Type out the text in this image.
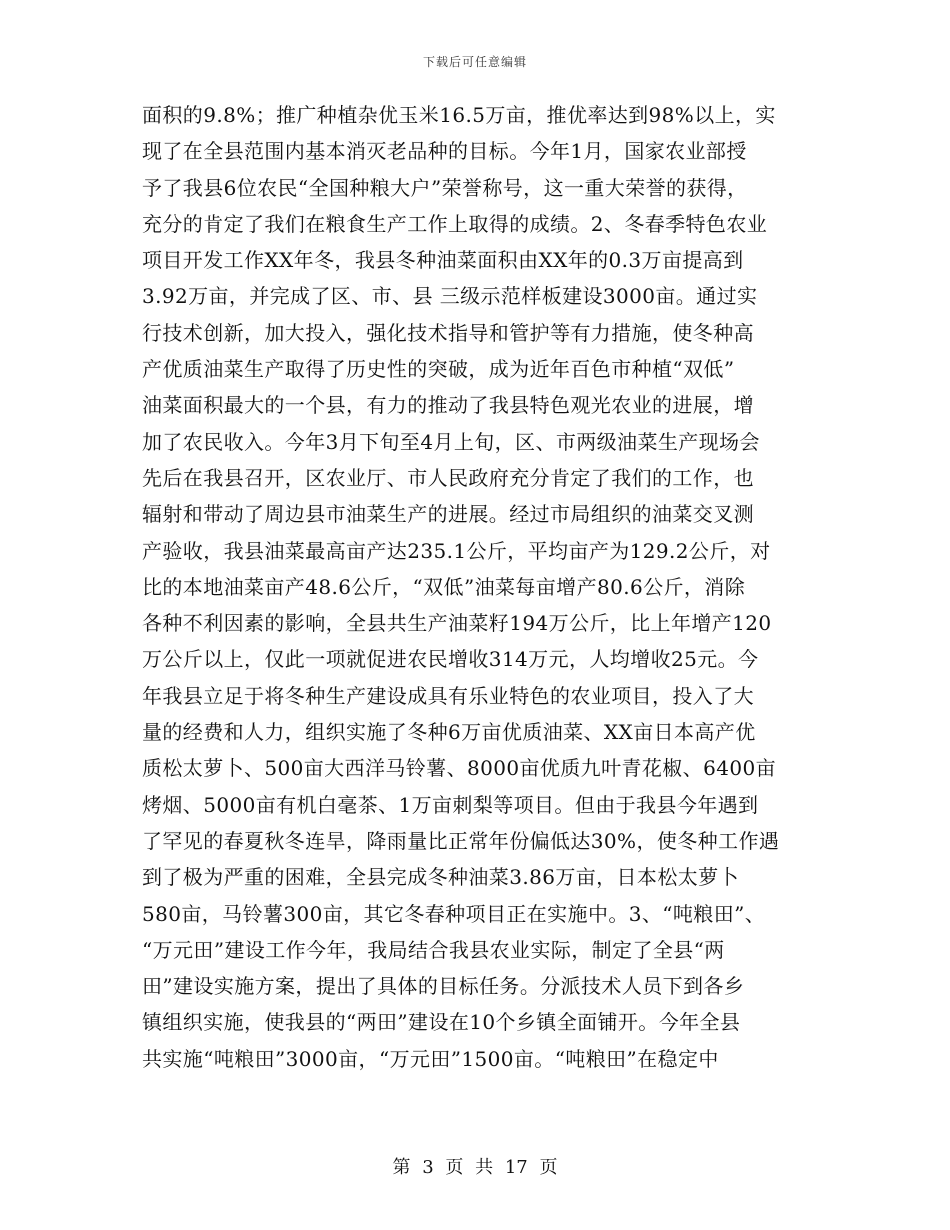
下载后可任意编辑
面积的9.8%；推广种植杂优玉米16.5万亩，推优率达到98%以上，实
现了在全县范围内基本消灭老品种的目标。今年1月，国家农业部授
予了我县6位农民“全国种粮大户”荣誉称号，这一重大荣誉的获得，
充分的肯定了我们在粮食生产工作上取得的成绩。2、冬春季特色农业
项目开发工作XX年冬，我县冬种油菜面积由XX年的0.3万亩提高到
3.92万亩，并完成了区、市、县 三级示范样板建设3000亩。通过实
行技术创新，加大投入，强化技术指导和管护等有力措施，使冬种高
产优质油菜生产取得了历史性的突破，成为近年百色市种植“双低”
油菜面积最大的一个县，有力的推动了我县特色观光农业的进展，增
加了农民收入。今年3月下旬至4月上旬，区、市两级油菜生产现场会
先后在我县召开，区农业厅、市人民政府充分肯定了我们的工作，也
辐射和带动了周边县市油菜生产的进展。经过市局组织的油菜交叉测
产验收，我县油菜最高亩产达235.1公斤，平均亩产为129.2公斤，对
比的本地油菜亩产48.6公斤，“双低”油菜每亩增产80.6公斤，消除
各种不利因素的影响，全县共生产油菜籽194万公斤，比上年增产120
万公斤以上，仅此一项就促进农民增收314万元，人均增收25元。今
年我县立足于将冬种生产建设成具有乐业特色的农业项目，投入了大
量的经费和人力，组织实施了冬种6万亩优质油菜、XX亩日本高产优
质松太萝卜、500亩大西洋马铃薯、8000亩优质九叶青花椒、6400亩
烤烟、5000亩有机白毫茶、1万亩刺梨等项目。但由于我县今年遇到
了罕见的春夏秋冬连旱，降雨量比正常年份偏低达30%，使冬种工作遇
到了极为严重的困难，全县完成冬种油菜3.86万亩，日本松太萝卜
580亩，马铃薯300亩，其它冬春种项目正在实施中。3、“吨粮田”、
“万元田”建设工作今年，我局结合我县农业实际，制定了全县“两
田”建设实施方案，提出了具体的目标任务。分派技术人员下到各乡
镇组织实施，使我县的“两田”建设在10个乡镇全面铺开。今年全县
共实施“吨粮田”3000亩，“万元田”1500亩。“吨粮田”在稳定中
第 3 页 共 17 页
